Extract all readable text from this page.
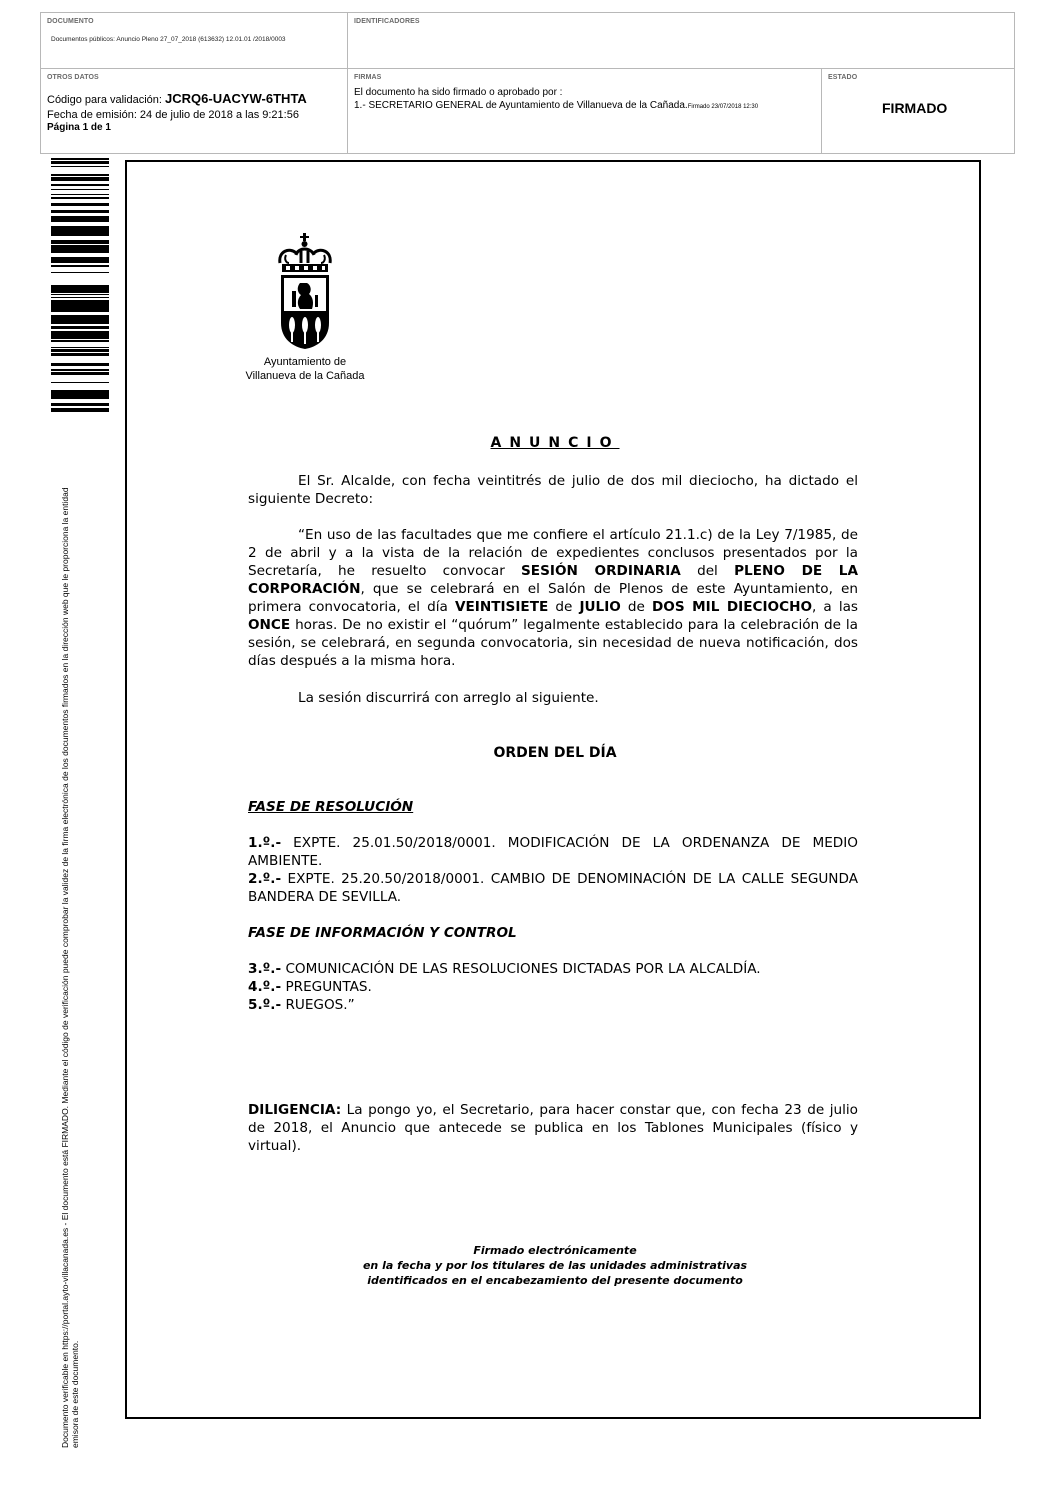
DOCUMENTO
Documentos públicos: Anuncio Pleno 27_07_2018 (613632) 12.01.01 /2018/0003
IDENTIFICADORES
OTROS DATOS
Código para validación: JCRQ6-UACYW-6THTA
Fecha de emisión: 24 de julio de 2018 a las 9:21:56
Página 1 de 1
FIRMAS
El documento ha sido firmado o aprobado por :
1.- SECRETARIO GENERAL de Ayuntamiento de Villanueva de la Cañada.Firmado 23/07/2018 12:30
ESTADO
FIRMADO
Documento verificable en https://portal.ayto-villacanada.es - El documento está FIRMADO. Mediante el código de verificación puede comprobar la validez de la firma electrónica de los documentos firmados en la dirección web que le proporciona la entidad emisora de este documento.
Ayuntamiento de
Villanueva de la Cañada
ANUNCIO
El Sr. Alcalde, con fecha veintitrés de julio de dos mil dieciocho, ha dictado el siguiente Decreto:
“En uso de las facultades que me confiere el artículo 21.1.c) de la Ley 7/1985, de 2 de abril y a la vista de la relación de expedientes conclusos presentados por la Secretaría, he resuelto convocar SESIÓN ORDINARIA del PLENO DE LA CORPORACIÓN, que se celebrará en el Salón de Plenos de este Ayuntamiento, en primera convocatoria, el día VEINTISIETE de JULIO de DOS MIL DIECIOCHO, a las ONCE horas. De no existir el “quórum” legalmente establecido para la celebración de la sesión, se celebrará, en segunda convocatoria, sin necesidad de nueva notificación, dos días después a la misma hora.
La sesión discurrirá con arreglo al siguiente.
ORDEN DEL DÍA
FASE DE RESOLUCIÓN
1.º.- EXPTE. 25.01.50/2018/0001. MODIFICACIÓN DE LA ORDENANZA DE MEDIO AMBIENTE.
2.º.- EXPTE. 25.20.50/2018/0001. CAMBIO DE DENOMINACIÓN DE LA CALLE SEGUNDA BANDERA DE SEVILLA.
FASE DE INFORMACIÓN Y CONTROL
3.º.- COMUNICACIÓN DE LAS RESOLUCIONES DICTADAS POR LA ALCALDÍA.
4.º.- PREGUNTAS.
5.º.- RUEGOS.”
DILIGENCIA: La pongo yo, el Secretario, para hacer constar que, con fecha 23 de julio de 2018, el Anuncio que antecede se publica en los Tablones Municipales (físico y virtual).
Firmado electrónicamente
en la fecha y por los titulares de las unidades administrativas
identificados en el encabezamiento del presente documento
